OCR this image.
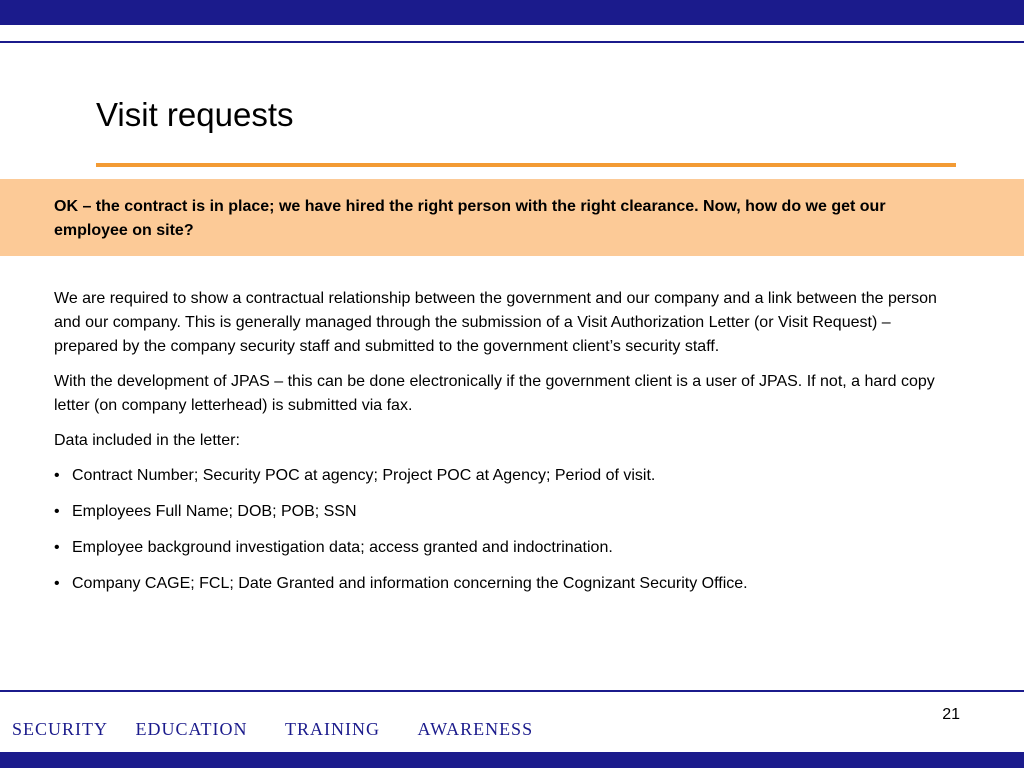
Visit requests

OK – the contract is in place; we have hired the right person with the right clearance. Now, how do we get our employee on site?

We are required to show a contractual relationship between the government and our company and a link between the person and our company. This is generally managed through the submission of a Visit Authorization Letter (or Visit Request) – prepared by the company security staff and submitted to the government client’s security staff.

With the development of JPAS – this can be done electronically if the government client is a user of JPAS. If not, a hard copy letter (on company letterhead) is submitted via fax.

Data included in the letter:

• Contract Number; Security POC at agency; Project POC at Agency; Period of visit.
• Employees Full Name; DOB; POB; SSN
• Employee background investigation data; access granted and indoctrination.
• Company CAGE; FCL; Date Granted and information concerning the Cognizant Security Office.
21
SECURITY EDUCATION TRAINING AWARENESS
